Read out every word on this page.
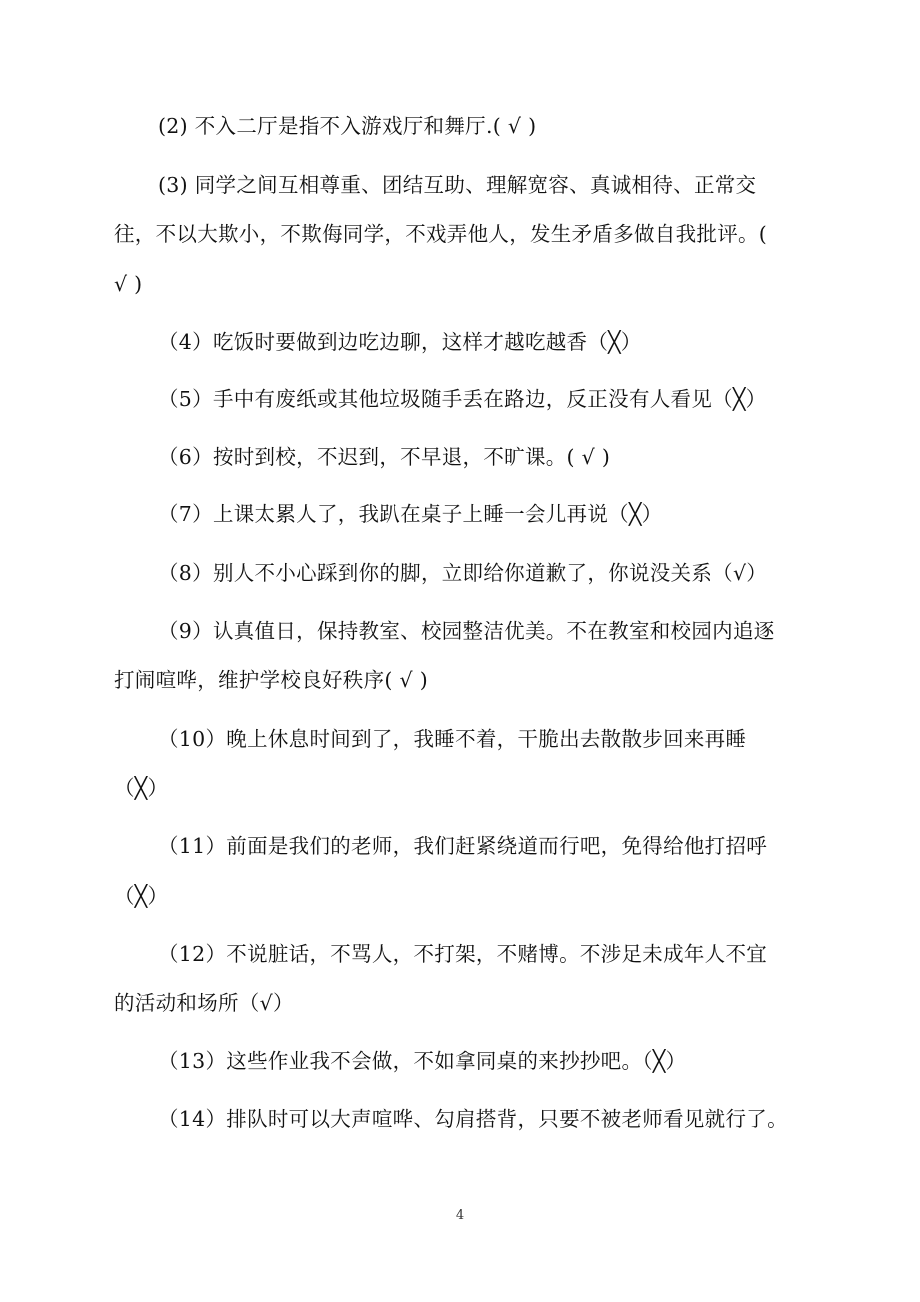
(2) 不入二厅是指不入游戏厅和舞厅.( √ )
(3) 同学之间互相尊重、团结互助、理解宽容、真诚相待、正常交
往，不以大欺小，不欺侮同学，不戏弄他人，发生矛盾多做自我批评。(
√ )
（4）吃饭时要做到边吃边聊，这样才越吃越香（╳）
（5）手中有废纸或其他垃圾随手丢在路边，反正没有人看见（╳）
（6）按时到校，不迟到，不早退，不旷课。( √ )
（7）上课太累人了，我趴在桌子上睡一会儿再说（╳）
（8）别人不小心踩到你的脚，立即给你道歉了，你说没关系（√）
（9）认真值日，保持教室、校园整洁优美。不在教室和校园内追逐
打闹喧哗，维护学校良好秩序( √ )
（10）晚上休息时间到了，我睡不着，干脆出去散散步回来再睡
（╳）
（11）前面是我们的老师，我们赶紧绕道而行吧，免得给他打招呼
（╳）
（12）不说脏话，不骂人，不打架，不赌博。不涉足未成年人不宜
的活动和场所（√）
（13）这些作业我不会做，不如拿同桌的来抄抄吧。（╳）
（14）排队时可以大声喧哗、勾肩搭背，只要不被老师看见就行了。
4
